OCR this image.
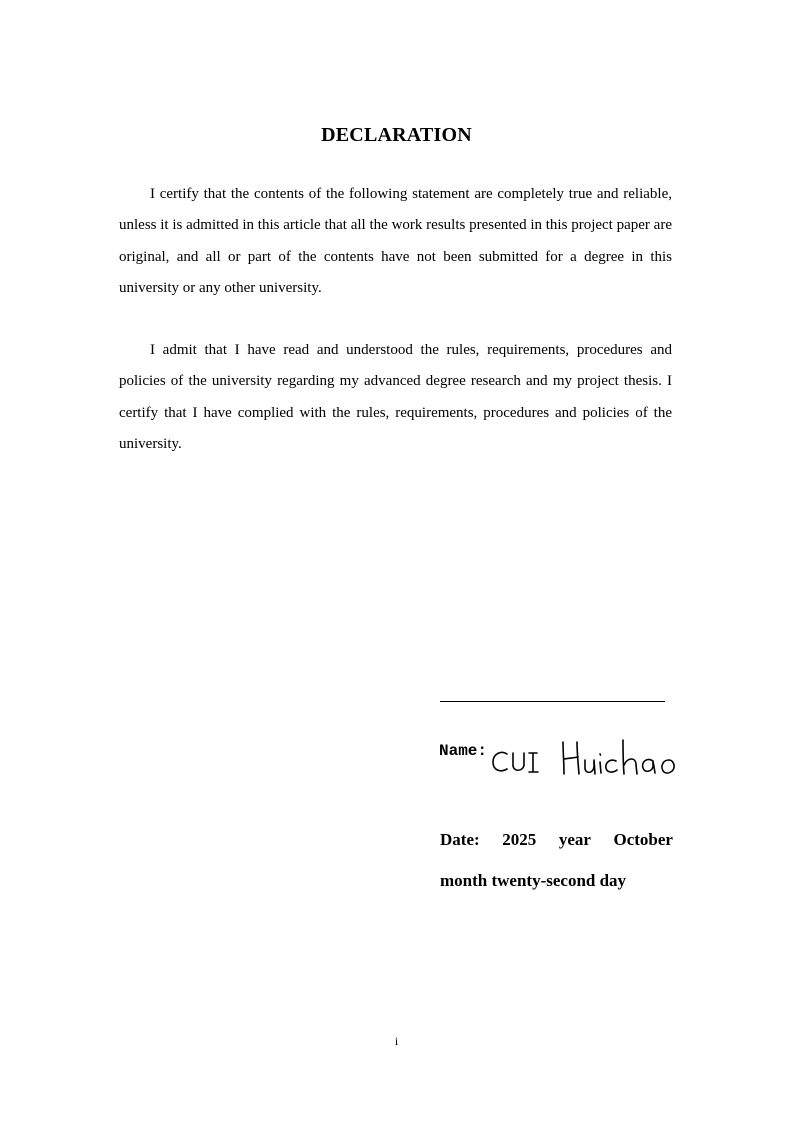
DECLARATION

I certify that the contents of the following statement are completely true and reliable, unless it is admitted in this article that all the work results presented in this project paper are original, and all or part of the contents have not been submitted for a degree in this university or any other university.

I admit that I have read and understood the rules, requirements, procedures and policies of the university regarding my advanced degree research and my project thesis. I certify that I have complied with the rules, requirements, procedures and policies of the university.

Name:
Date: 2025 year October
month twenty-second day

i
